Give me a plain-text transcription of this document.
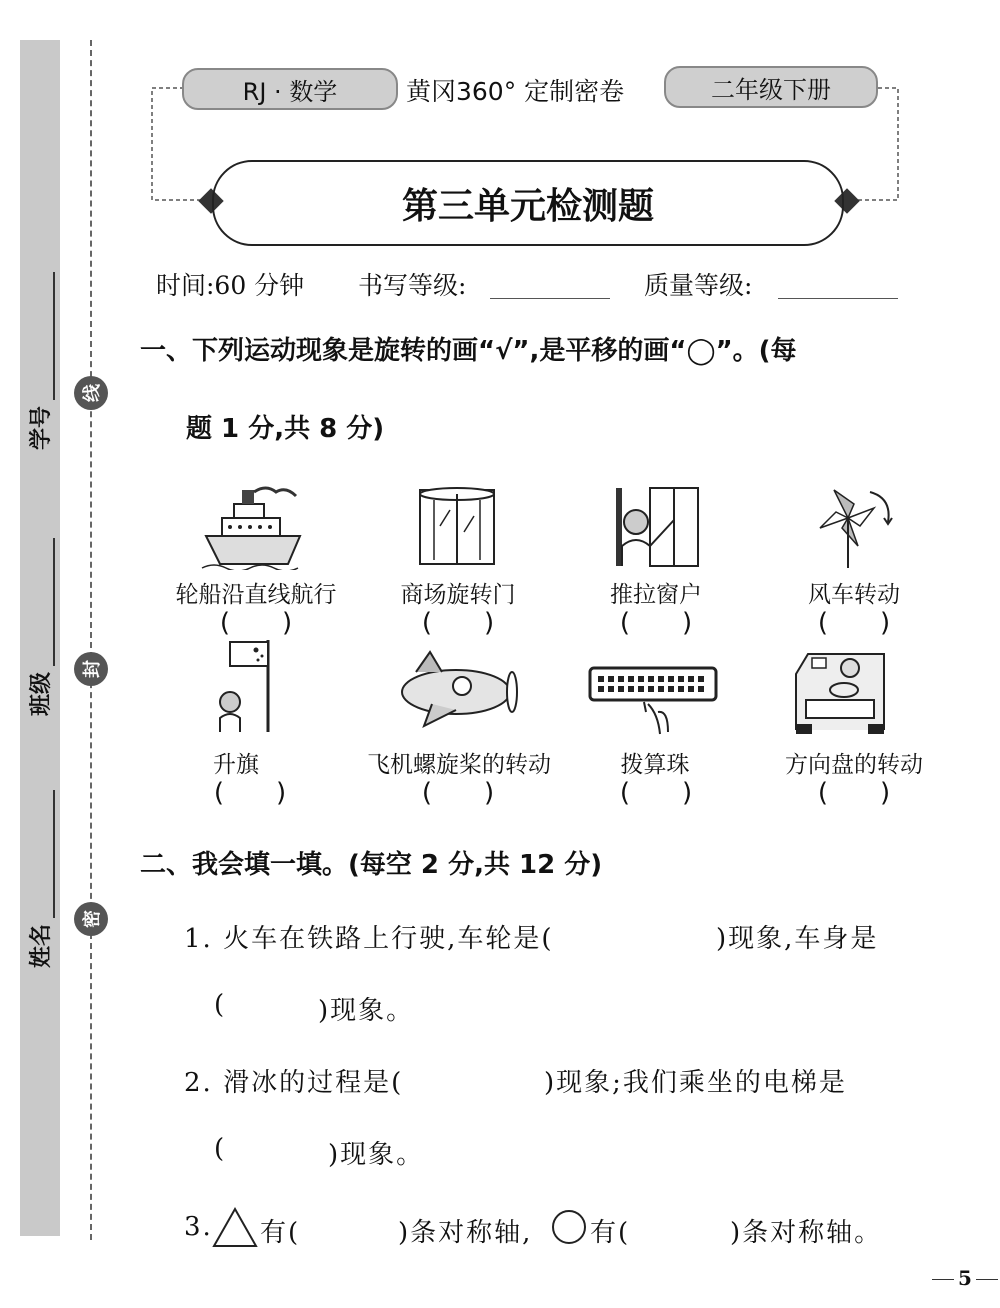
线
封
密
学号
班级
姓名
RJ · 数学	黄冈360° 定制密卷	二年级下册
第三单元检测题
时间:60 分钟 书写等级:	质量等级:
一、下列运动现象是旋转的画“√”,是平移的画“◯”。(每
题 1 分,共 8 分)
轮船沿直线航行	商场旋转门	推拉窗户	风车转动
(　　)	(　　)	(　　)	(　　)
升旗	飞机螺旋桨的转动	拨算珠	方向盘的转动
(　　)	(　　)	(　　)	(　　)
二、我会填一填。(每空 2 分,共 12 分)
1. 火车在铁路上行驶,车轮是(	)现象,车身是
(	)现象。
2. 滑冰的过程是(	)现象;我们乘坐的电梯是
(	)现象。
3. 有(	)条对称轴, 有(	)条对称轴。
5
